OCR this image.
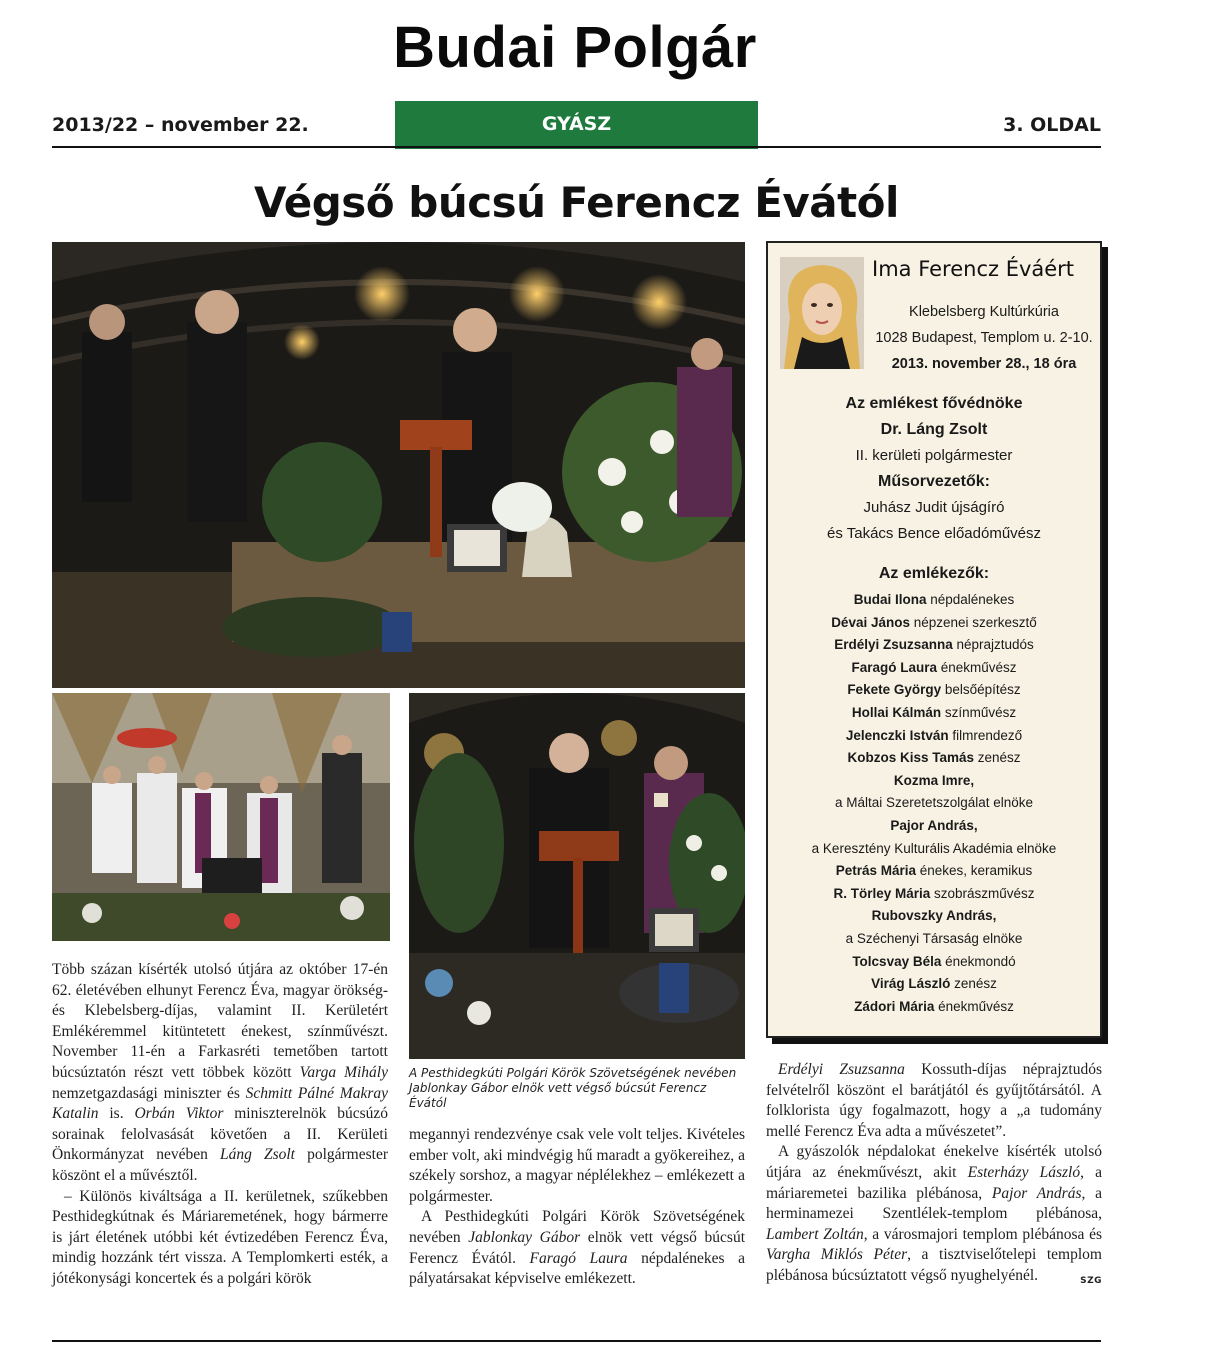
Budai Polgár
2013/22 – november 22.	GYÁSZ	3. OLDAL
Végső búcsú Ferencz Évától
A Pesthidegkúti Polgári Körök Szövetségének nevében Jablonkay Gábor elnök vett végső búcsút Ferencz Évától
Ima Ferencz Éváért
Klebelsberg Kultúrkúria
1028 Budapest, Templom u. 2-10.
2013. november 28., 18 óra
Az emlékest fővédnöke
Dr. Láng Zsolt
II. kerületi polgármester
Műsorvezetők:
Juhász Judit újságíró
és Takács Bence előadóművész
Az emlékezők:
Budai Ilona népdalénekes
Dévai János népzenei szerkesztő
Erdélyi Zsuzsanna néprajztudós
Faragó Laura énekművész
Fekete György belsőépítész
Hollai Kálmán színművész
Jelenczki István filmrendező
Kobzos Kiss Tamás zenész
Kozma Imre,
a Máltai Szeretetszolgálat elnöke
Pajor András,
a Keresztény Kulturális Akadémia elnöke
Petrás Mária énekes, keramikus
R. Törley Mária szobrászművész
Rubovszky András,
a Széchenyi Társaság elnöke
Tolcsvay Béla énekmondó
Virág László zenész
Zádori Mária énekművész

Több százan kísérték utolsó útjára az október 17-én 62. életévében elhunyt Ferencz Éva, magyar örökség- és Klebelsberg-díjas, valamint II. Kerületért Emlékéremmel kitüntetett énekest, színművészt. November 11-én a Farkasréti temetőben tartott búcsúztatón részt vett többek között Varga Mihály nemzetgazdasági miniszter és Schmitt Pálné Makray Katalin is. Orbán Viktor miniszterelnök búcsúzó sorainak felolvasását követően a II. Kerületi Önkormányzat nevében Láng Zsolt polgármester köszönt el a művésztől.

– Különös kiváltsága a II. kerületnek, szűkebben Pesthidegkútnak és Máriaremetének, hogy bármerre is járt életének utóbbi két évtizedében Ferencz Éva, mindig hozzánk tért vissza. A Templomkerti esték, a jótékonysági koncertek és a polgári körök

megannyi rendezvénye csak vele volt teljes. Kivételes ember volt, aki mindvégig hű maradt a gyökereihez, a székely sorshoz, a magyar néplélekhez – emlékezett a polgármester.

A Pesthidegkúti Polgári Körök Szövetségének nevében Jablonkay Gábor elnök vett végső búcsút Ferencz Évától. Faragó Laura népdalénekes a pályatársakat képviselve emlékezett.

Erdélyi Zsuzsanna Kossuth-díjas néprajztudós felvételről köszönt el barátjától és gyűjtőtársától. A folklorista úgy fogalmazott, hogy a „a tudomány mellé Ferencz Éva adta a művészetet”.

A gyászolók népdalokat énekelve kísérték utolsó útjára az énekművészt, akit Esterházy László, a máriaremetei bazilika plébánosa, Pajor András, a herminamezei Szentlélek-templom plébánosa, Lambert Zoltán, a városmajori templom plébánosa és Vargha Miklós Péter, a tisztviselőtelepi templom plébánosa búcsúztatott végső nyughelyénél.	SZG
